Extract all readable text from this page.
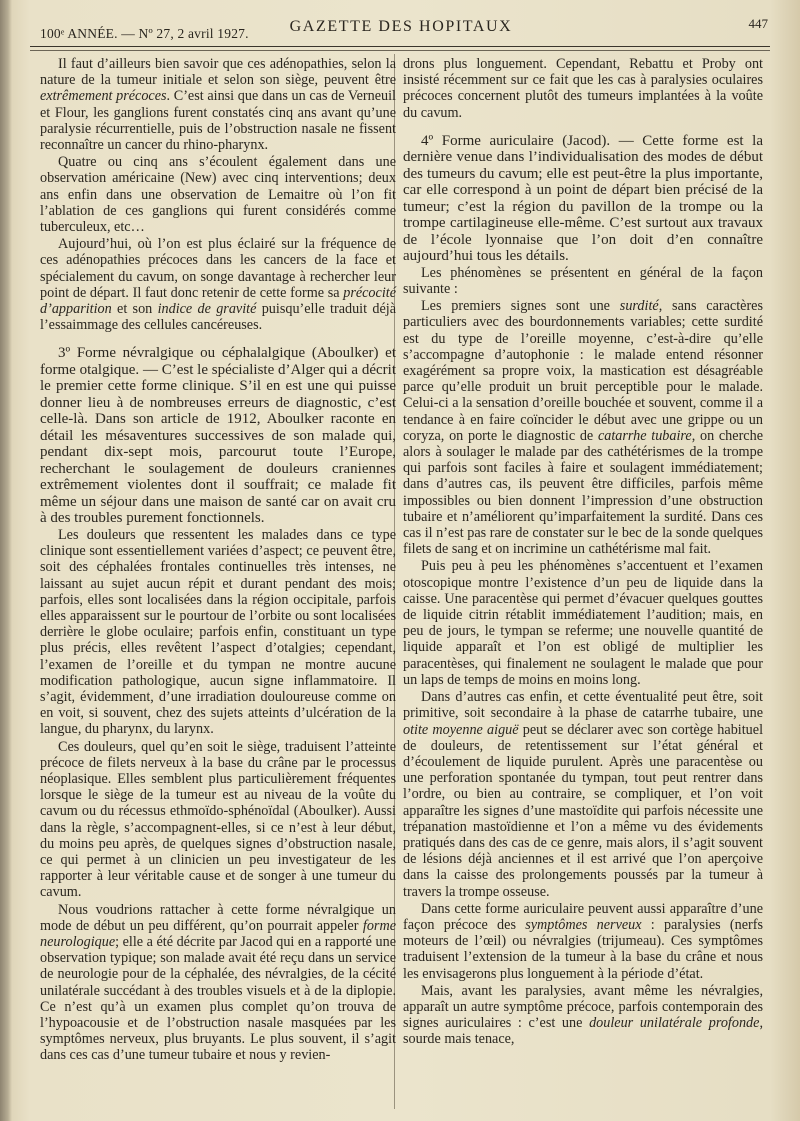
100ᵉ ANNÉE. — Nº 27, 2 avril 1927.	GAZETTE DES HOPITAUX	447

Il faut d’ailleurs bien savoir que ces adénopathies, selon la nature de la tumeur initiale et selon son siège, peuvent être extrêmement précoces. C’est ainsi que dans un cas de Verneuil et Flour, les ganglions furent constatés cinq ans avant qu’une paralysie récurrentielle, puis de l’obstruction nasale ne fissent reconnaître un cancer du rhino-pharynx.

Quatre ou cinq ans s’écoulent également dans une observation américaine (New) avec cinq interventions; deux ans enfin dans une observation de Lemaitre où l’on fit l’ablation de ces ganglions qui furent considérés comme tuberculeux, etc…

Aujourd’hui, où l’on est plus éclairé sur la fréquence de ces adénopathies précoces dans les cancers de la face et spécialement du cavum, on songe davantage à rechercher leur point de départ. Il faut donc retenir de cette forme sa précocité d’apparition et son indice de gravité puisqu’elle traduit déjà l’essaimmage des cellules cancéreuses.

3º Forme névralgique ou céphalalgique (Aboulker) et forme otalgique. — C’est le spécialiste d’Alger qui a décrit le premier cette forme clinique. S’il en est une qui puisse donner lieu à de nombreuses erreurs de diagnostic, c’est celle-là. Dans son article de 1912, Aboulker raconte en détail les mésaventures successives de son malade qui, pendant dix-sept mois, parcourut toute l’Europe, recherchant le soulagement de douleurs craniennes extrêmement violentes dont il souffrait; ce malade fit même un séjour dans une maison de santé car on avait cru à des troubles purement fonctionnels.

Les douleurs que ressentent les malades dans ce type clinique sont essentiellement variées d’aspect; ce peuvent être, soit des céphalées frontales continuelles très intenses, ne laissant au sujet aucun répit et durant pendant des mois; parfois, elles sont localisées dans la région occipitale, parfois elles apparaissent sur le pourtour de l’orbite ou sont localisées derrière le globe oculaire; parfois enfin, constituant un type plus précis, elles revêtent l’aspect d’otalgies; cependant, l’examen de l’oreille et du tympan ne montre aucune modification pathologique, aucun signe inflammatoire. Il s’agit, évidemment, d’une irradiation douloureuse comme on en voit, si souvent, chez des sujets atteints d’ulcération de la langue, du pharynx, du larynx.

Ces douleurs, quel qu’en soit le siège, traduisent l’atteinte précoce de filets nerveux à la base du crâne par le processus néoplasique. Elles semblent plus particulièrement fréquentes lorsque le siège de la tumeur est au niveau de la voûte du cavum ou du récessus ethmoïdo-sphénoïdal (Aboulker). Aussi dans la règle, s’accompagnent-elles, si ce n’est à leur début, du moins peu après, de quelques signes d’obstruction nasale, ce qui permet à un clinicien un peu investigateur de les rapporter à leur véritable cause et de songer à une tumeur du cavum.

Nous voudrions rattacher à cette forme névralgique un mode de début un peu différent, qu’on pourrait appeler forme neurologique; elle a été décrite par Jacod qui en a rapporté une observation typique; son malade avait été reçu dans un service de neurologie pour de la céphalée, des névralgies, de la cécité unilatérale succédant à des troubles visuels et à de la diplopie. Ce n’est qu’à un examen plus complet qu’on trouva de l’hypoacousie et de l’obstruction nasale masquées par les symptômes nerveux, plus bruyants. Le plus souvent, il s’agit dans ces cas d’une tumeur tubaire et nous y revien-

drons plus longuement. Cependant, Rebattu et Proby ont insisté récemment sur ce fait que les cas à paralysies oculaires précoces concernent plutôt des tumeurs implantées à la voûte du cavum.

4º Forme auriculaire (Jacod). — Cette forme est la dernière venue dans l’individualisation des modes de début des tumeurs du cavum; elle est peut-être la plus importante, car elle correspond à un point de départ bien précisé de la tumeur; c’est la région du pavillon de la trompe ou la trompe cartilagineuse elle-même. C’est surtout aux travaux de l’école lyonnaise que l’on doit d’en connaître aujourd’hui tous les détails.

Les phénomènes se présentent en général de la façon suivante :

Les premiers signes sont une surdité, sans caractères particuliers avec des bourdonnements variables; cette surdité est du type de l’oreille moyenne, c’est-à-dire qu’elle s’accompagne d’autophonie : le malade entend résonner exagérément sa propre voix, la mastication est désagréable parce qu’elle produit un bruit perceptible pour le malade. Celui-ci a la sensation d’oreille bouchée et souvent, comme il a tendance à en faire coïncider le début avec une grippe ou un coryza, on porte le diagnostic de catarrhe tubaire, on cherche alors à soulager le malade par des cathétérismes de la trompe qui parfois sont faciles à faire et soulagent immédiatement; dans d’autres cas, ils peuvent être difficiles, parfois même impossibles ou bien donnent l’impression d’une obstruction tubaire et n’améliorent qu’imparfaitement la surdité. Dans ces cas il n’est pas rare de constater sur le bec de la sonde quelques filets de sang et on incrimine un cathétérisme mal fait.

Puis peu à peu les phénomènes s’accentuent et l’examen otoscopique montre l’existence d’un peu de liquide dans la caisse. Une paracentèse qui permet d’évacuer quelques gouttes de liquide citrin rétablit immédiatement l’audition; mais, en peu de jours, le tympan se referme; une nouvelle quantité de liquide apparaît et l’on est obligé de multiplier les paracentèses, qui finalement ne soulagent le malade que pour un laps de temps de moins en moins long.

Dans d’autres cas enfin, et cette éventualité peut être, soit primitive, soit secondaire à la phase de catarrhe tubaire, une otite moyenne aiguë peut se déclarer avec son cortège habituel de douleurs, de retentissement sur l’état général et d’écoulement de liquide purulent. Après une paracentèse ou une perforation spontanée du tympan, tout peut rentrer dans l’ordre, ou bien au contraire, se compliquer, et l’on voit apparaître les signes d’une mastoïdite qui parfois nécessite une trépanation mastoïdienne et l’on a même vu des évidements pratiqués dans des cas de ce genre, mais alors, il s’agit souvent de lésions déjà anciennes et il est arrivé que l’on aperçoive dans la caisse des prolongements poussés par la tumeur à travers la trompe osseuse.

Dans cette forme auriculaire peuvent aussi apparaître d’une façon précoce des symptômes nerveux : paralysies (nerfs moteurs de l’œil) ou névralgies (trijumeau). Ces symptômes traduisent l’extension de la tumeur à la base du crâne et nous les envisagerons plus longuement à la période d’état.

Mais, avant les paralysies, avant même les névralgies, apparaît un autre symptôme précoce, parfois contemporain des signes auriculaires : c’est une douleur unilatérale profonde, sourde mais tenace,
